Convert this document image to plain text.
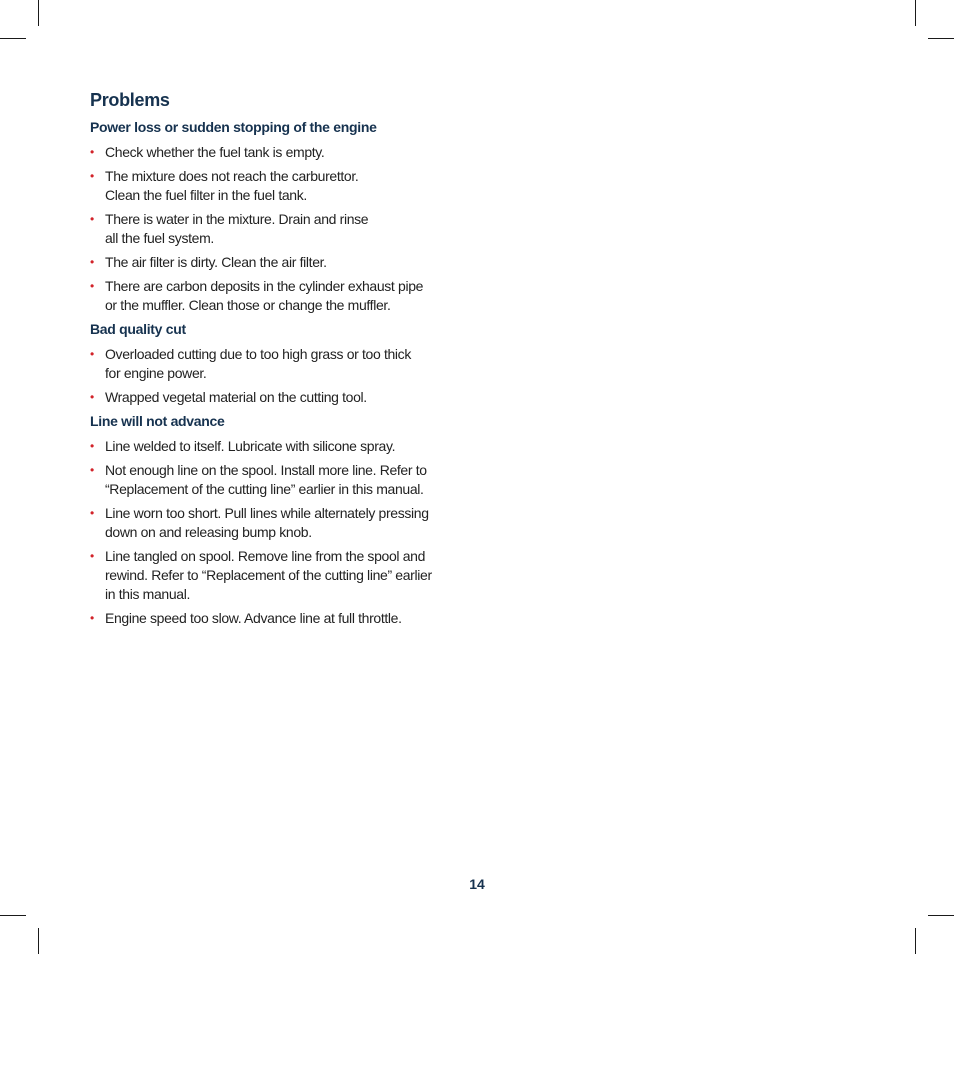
Problems
Power loss or sudden stopping of the engine
• Check whether the fuel tank is empty.
• The mixture does not reach the carburettor.
Clean the fuel filter in the fuel tank.
• There is water in the mixture. Drain and rinse
all the fuel system.
• The air filter is dirty. Clean the air filter.
• There are carbon deposits in the cylinder exhaust pipe
or the muffler. Clean those or change the muffler.
Bad quality cut
• Overloaded cutting due to too high grass or too thick
for engine power.
• Wrapped vegetal material on the cutting tool.
Line will not advance
• Line welded to itself. Lubricate with silicone spray.
• Not enough line on the spool. Install more line. Refer to
“Replacement of the cutting line” earlier in this manual.
• Line worn too short. Pull lines while alternately pressing
down on and releasing bump knob.
• Line tangled on spool. Remove line from the spool and
rewind. Refer to “Replacement of the cutting line” earlier
in this manual.
• Engine speed too slow. Advance line at full throttle.
14
